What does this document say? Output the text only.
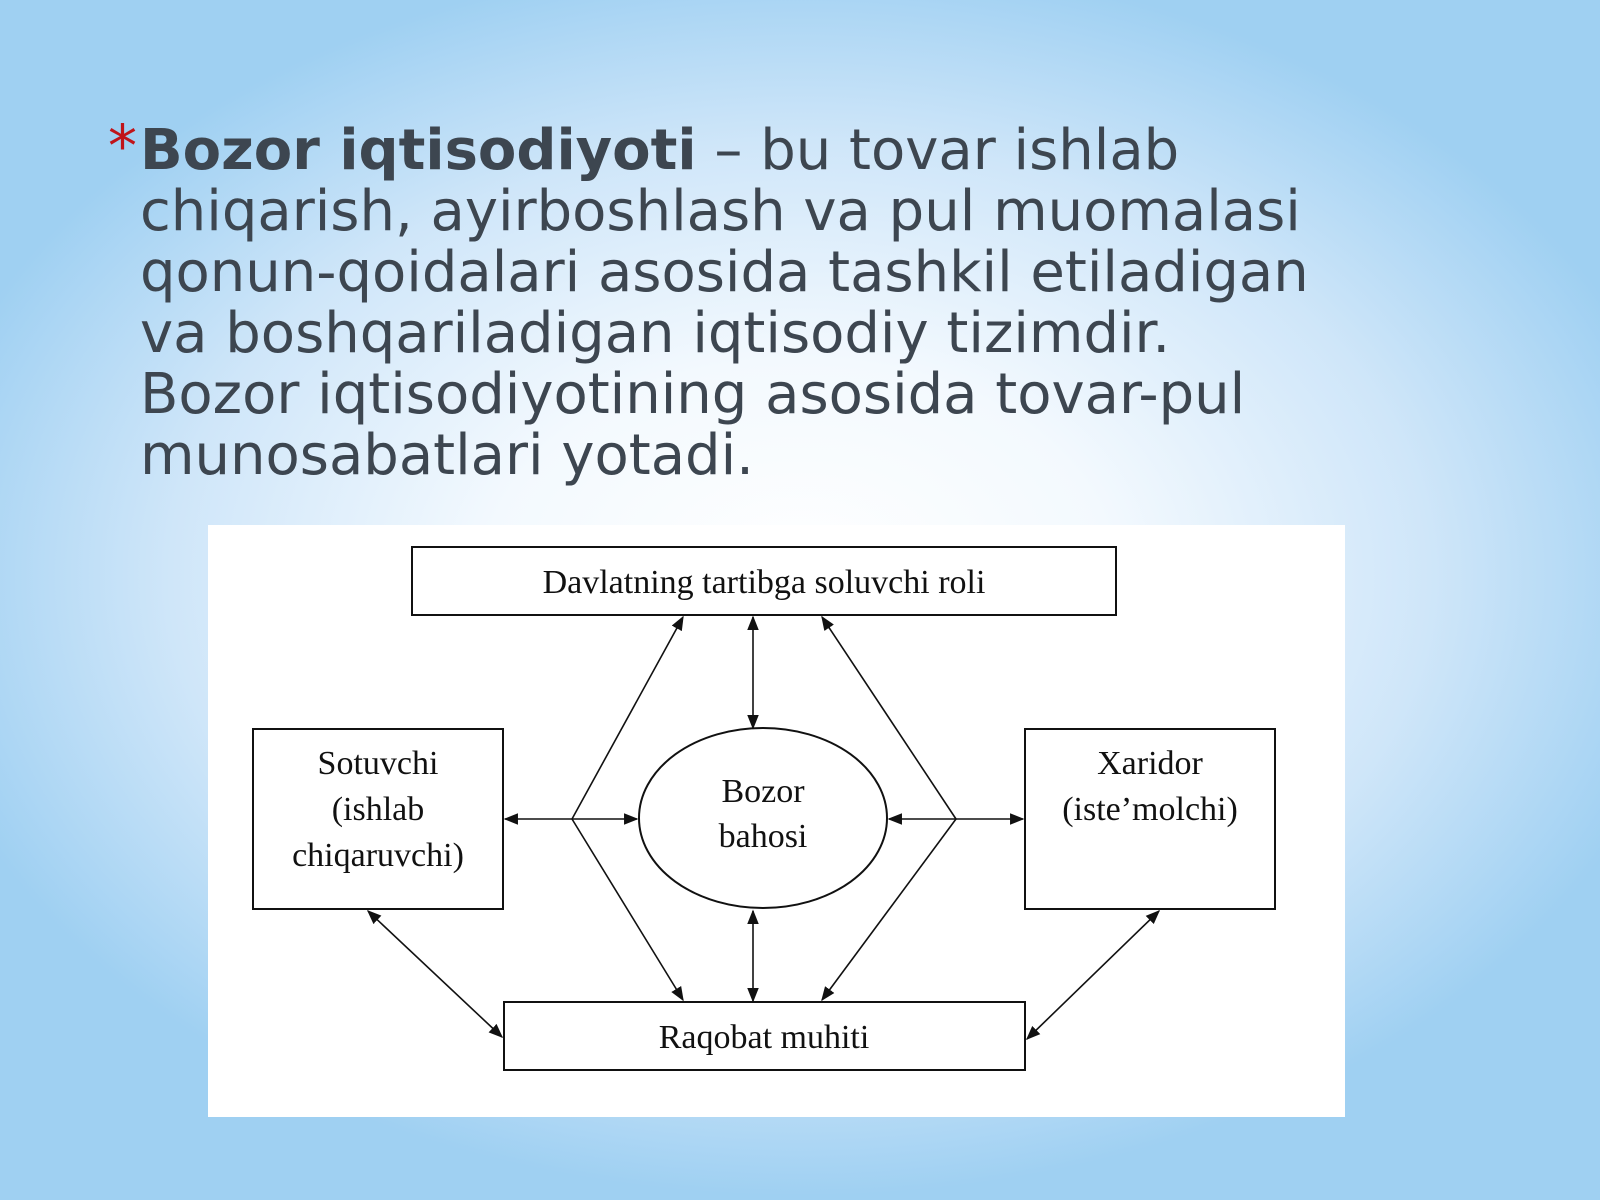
* Bozor iqtisodiyoti – bu tovar ishlab
chiqarish, ayirboshlash va pul muomalasi
qonun-qoidalari asosida tashkil etiladigan
va boshqariladigan iqtisodiy tizimdir.
Bozor iqtisodiyotining asosida tovar-pul
munosabatlari yotadi.
Davlatning tartibga soluvchi roli
Sotuvchi
(ishlab
chiqaruvchi)
Bozor
bahosi
Xaridor
(iste’molchi)
Raqobat muhiti
